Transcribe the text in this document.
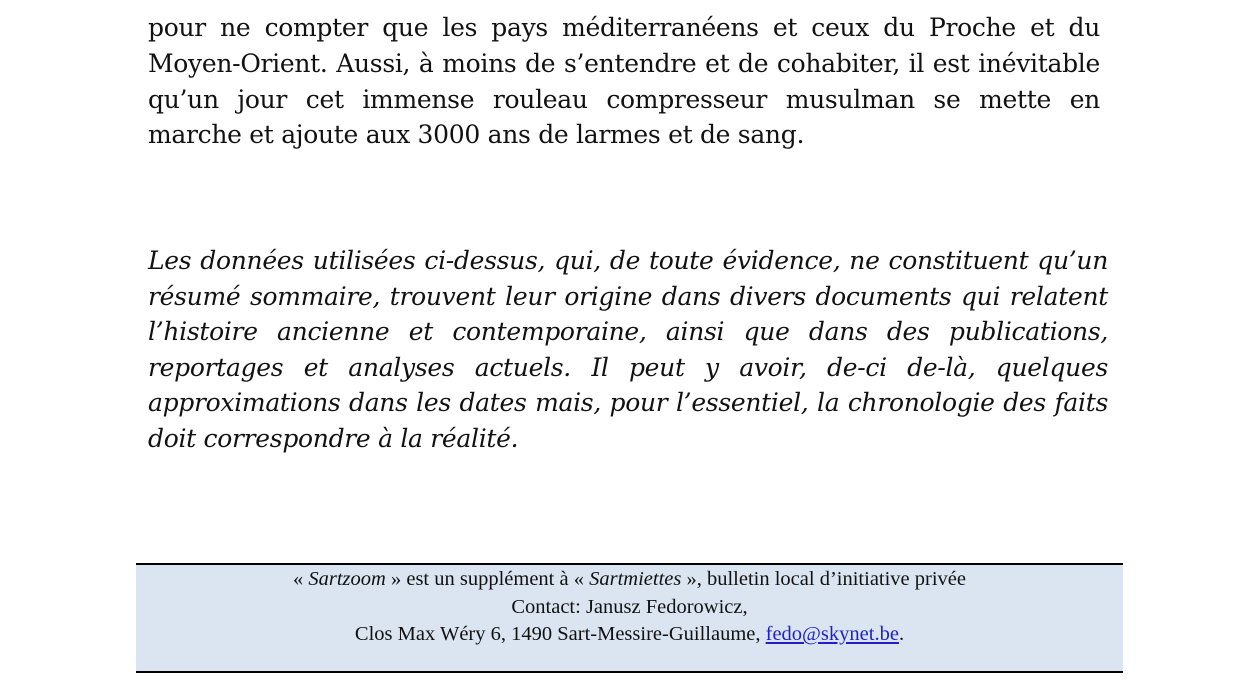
pour ne compter que les pays méditerranéens et ceux du Proche et du Moyen-Orient. Aussi, à moins de s’entendre et de cohabiter, il est inévitable qu’un jour cet immense rouleau compresseur musulman se mette en marche et ajoute aux 3000 ans de larmes et de sang.

Les données utilisées ci-dessus, qui, de toute évidence, ne constituent qu’un résumé sommaire, trouvent leur origine dans divers documents qui relatent l’histoire ancienne et contemporaine, ainsi que dans des publications, reportages et analyses actuels. Il peut y avoir, de-ci de-là, quelques approximations dans les dates mais, pour l’essentiel, la chronologie des faits doit correspondre à la réalité.

« Sartzoom » est un supplément à « Sartmiettes », bulletin local d’initiative privée
Contact: Janusz Fedorowicz,
Clos Max Wéry 6, 1490 Sart-Messire-Guillaume, fedo@skynet.be.
